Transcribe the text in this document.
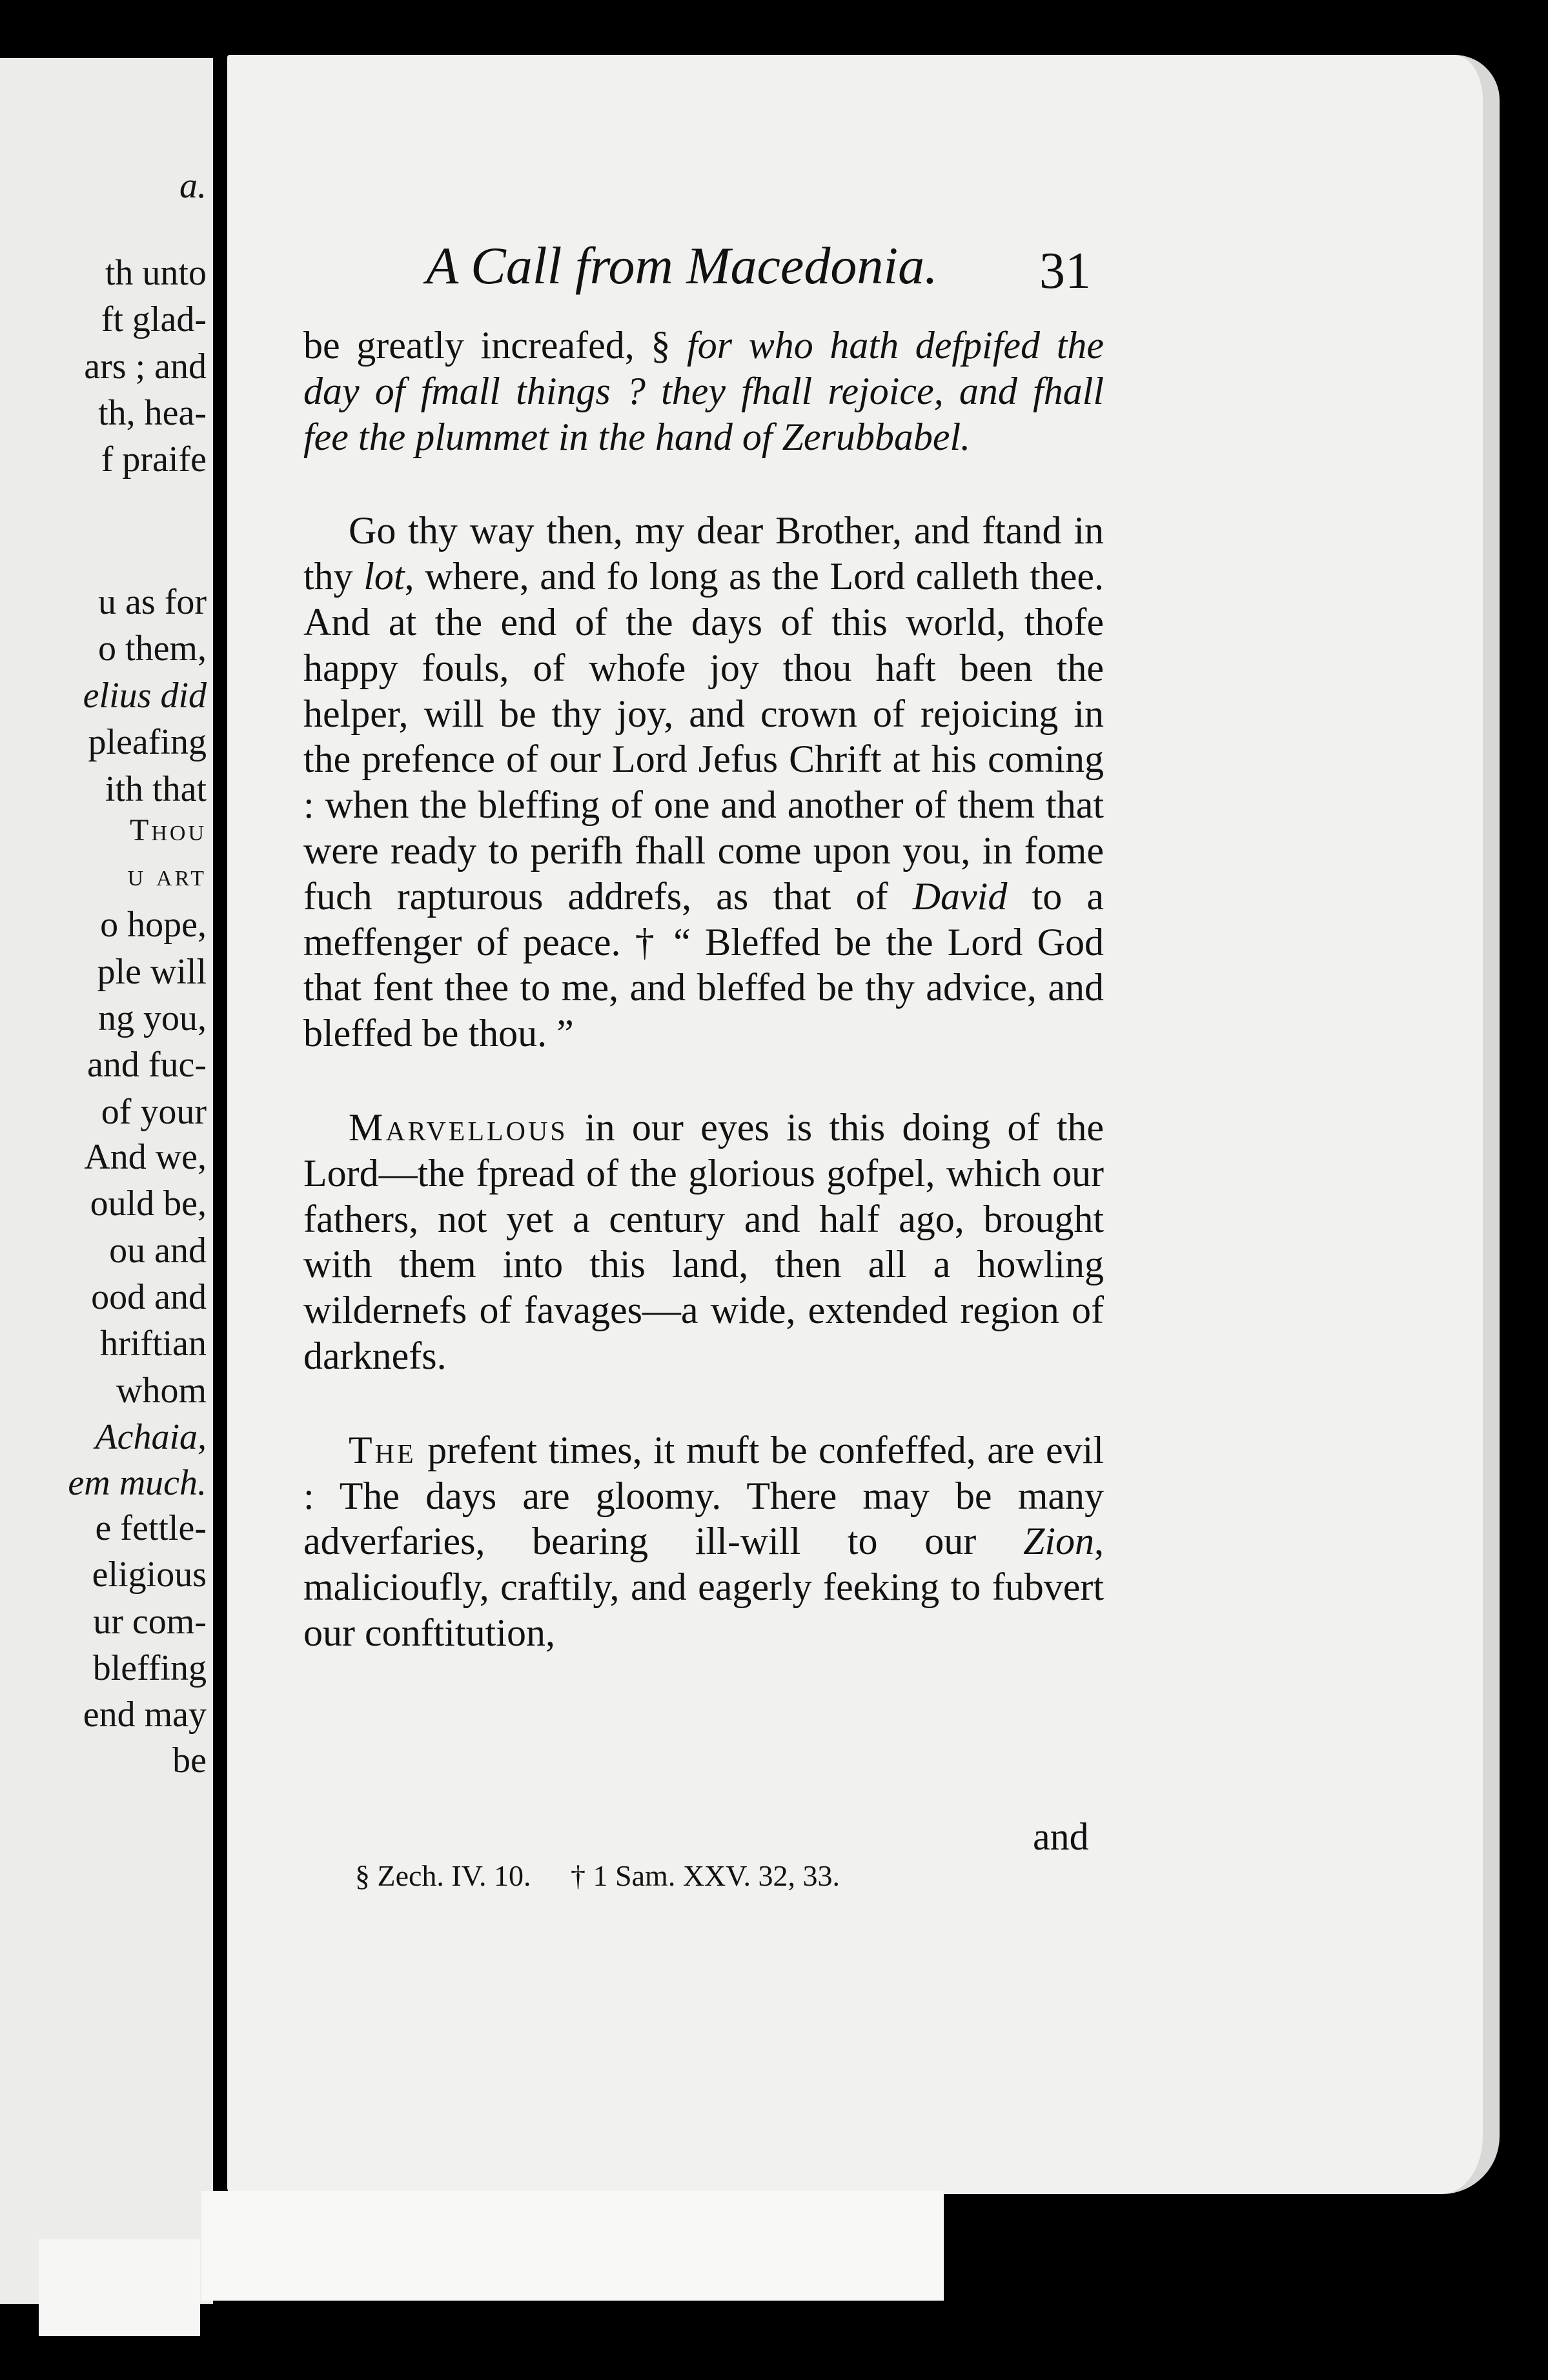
a.
th unto
ft glad-
ars ; and
th, hea-
f praife
u as for
o them,
elius did
pleafing
ith that
Thou
u art
o hope,
ple will
ng you,
and fuc-
of your
And we,
ould be,
ou and
ood and
hriftian
whom
Achaia,
em much.
e fettle-
eligious
ur com-
bleffing
end may
be
A Call from Macedonia. 31

be greatly increafed, § for who hath defpifed the day of fmall things ? they fhall rejoice, and fhall fee the plummet in the hand of Zerubbabel.

Go thy way then, my dear Brother, and ftand in thy lot, where, and fo long as the Lord calleth thee. And at the end of the days of this world, thofe happy fouls, of whofe joy thou haft been the helper, will be thy joy, and crown of rejoicing in the prefence of our Lord Jefus Chrift at his coming : when the bleffing of one and another of them that were ready to perifh fhall come upon you, in fome fuch rapturous addrefs, as that of David to a meffenger of peace. † “ Bleffed be the Lord God that fent thee to me, and bleffed be thy advice, and bleffed be thou. ”

Marvellous in our eyes is this doing of the Lord—the fpread of the glorious gofpel, which our fathers, not yet a century and half ago, brought with them into this land, then all a howling wildernefs of favages—a wide, extended region of darknefs.

The prefent times, it muft be confeffed, are evil : The days are gloomy. There may be many adverfaries, bearing ill-will to our Zion, malicioufly, craftily, and eagerly feeking to fubvert our conftitution,

and
§ Zech. IV. 10. † 1 Sam. XXV. 32, 33.
